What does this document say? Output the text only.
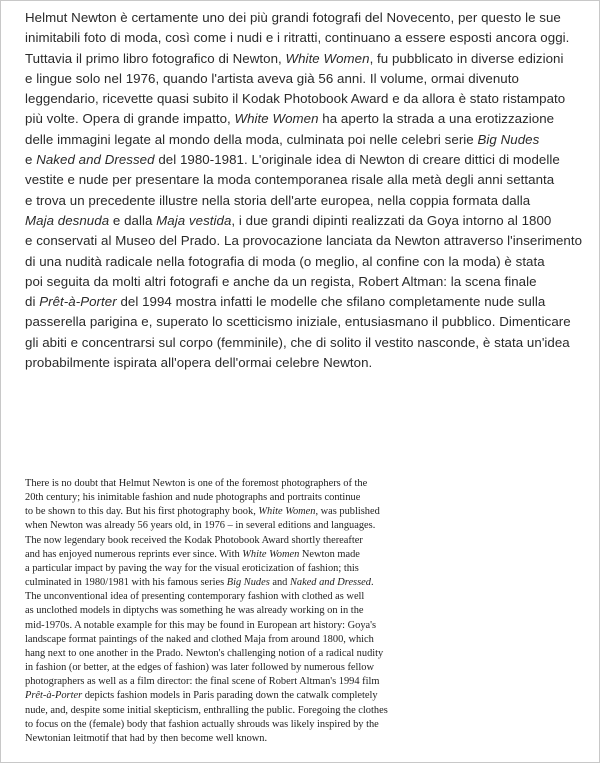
Helmut Newton è certamente uno dei più grandi fotografi del Novecento, per questo le sue
inimitabili foto di moda, così come i nudi e i ritratti, continuano a essere esposti ancora oggi.
Tuttavia il primo libro fotografico di Newton, White Women, fu pubblicato in diverse edizioni
e lingue solo nel 1976, quando l'artista aveva già 56 anni. Il volume, ormai divenuto
leggendario, ricevette quasi subito il Kodak Photobook Award e da allora è stato ristampato
più volte. Opera di grande impatto, White Women ha aperto la strada a una erotizzazione
delle immagini legate al mondo della moda, culminata poi nelle celebri serie Big Nudes
e Naked and Dressed del 1980-1981. L'originale idea di Newton di creare dittici di modelle
vestite e nude per presentare la moda contemporanea risale alla metà degli anni settanta
e trova un precedente illustre nella storia dell'arte europea, nella coppia formata dalla
Maja desnuda e dalla Maja vestida, i due grandi dipinti realizzati da Goya intorno al 1800
e conservati al Museo del Prado. La provocazione lanciata da Newton attraverso l'inserimento
di una nudità radicale nella fotografia di moda (o meglio, al confine con la moda) è stata
poi seguita da molti altri fotografi e anche da un regista, Robert Altman: la scena finale
di Prêt-à-Porter del 1994 mostra infatti le modelle che sfilano completamente nude sulla
passerella parigina e, superato lo scetticismo iniziale, entusiasmano il pubblico. Dimenticare
gli abiti e concentrarsi sul corpo (femminile), che di solito il vestito nasconde, è stata un'idea
probabilmente ispirata all'opera dell'ormai celebre Newton.
There is no doubt that Helmut Newton is one of the foremost photographers of the
20th century; his inimitable fashion and nude photographs and portraits continue
to be shown to this day. But his first photography book, White Women, was published
when Newton was already 56 years old, in 1976 – in several editions and languages.
The now legendary book received the Kodak Photobook Award shortly thereafter
and has enjoyed numerous reprints ever since. With White Women Newton made
a particular impact by paving the way for the visual eroticization of fashion; this
culminated in 1980/1981 with his famous series Big Nudes and Naked and Dressed.
The unconventional idea of presenting contemporary fashion with clothed as well
as unclothed models in diptychs was something he was already working on in the
mid-1970s. A notable example for this may be found in European art history: Goya's
landscape format paintings of the naked and clothed Maja from around 1800, which
hang next to one another in the Prado. Newton's challenging notion of a radical nudity
in fashion (or better, at the edges of fashion) was later followed by numerous fellow
photographers as well as a film director: the final scene of Robert Altman's 1994 film
Prêt-à-Porter depicts fashion models in Paris parading down the catwalk completely
nude, and, despite some initial skepticism, enthralling the public. Foregoing the clothes
to focus on the (female) body that fashion actually shrouds was likely inspired by the
Newtonian leitmotif that had by then become well known.
